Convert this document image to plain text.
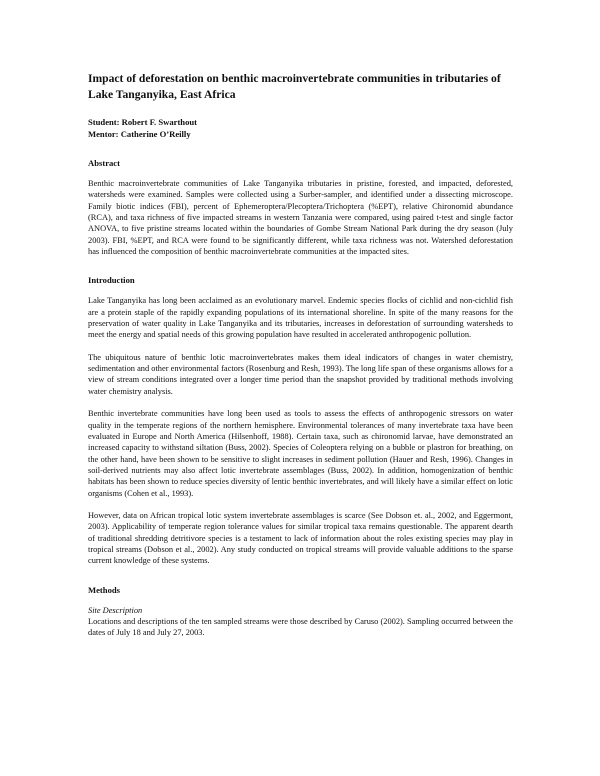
Impact of deforestation on benthic macroinvertebrate communities in tributaries of Lake Tanganyika, East Africa

Student: Robert F. Swarthout

Mentor: Catherine O’Reilly

Abstract

Benthic macroinvertebrate communities of Lake Tanganyika tributaries in pristine, forested, and impacted, deforested, watersheds were examined. Samples were collected using a Surber-sampler, and identified under a dissecting microscope. Family biotic indices (FBI), percent of Ephemeroptera/Plecoptera/Trichoptera (%EPT), relative Chironomid abundance (RCA), and taxa richness of five impacted streams in western Tanzania were compared, using paired t-test and single factor ANOVA, to five pristine streams located within the boundaries of Gombe Stream National Park during the dry season (July 2003). FBI, %EPT, and RCA were found to be significantly different, while taxa richness was not. Watershed deforestation has influenced the composition of benthic macroinvertebrate communities at the impacted sites.

Introduction

Lake Tanganyika has long been acclaimed as an evolutionary marvel. Endemic species flocks of cichlid and non-cichlid fish are a protein staple of the rapidly expanding populations of its international shoreline. In spite of the many reasons for the preservation of water quality in Lake Tanganyika and its tributaries, increases in deforestation of surrounding watersheds to meet the energy and spatial needs of this growing population have resulted in accelerated anthropogenic pollution.

The ubiquitous nature of benthic lotic macroinvertebrates makes them ideal indicators of changes in water chemistry, sedimentation and other environmental factors (Rosenburg and Resh, 1993). The long life span of these organisms allows for a view of stream conditions integrated over a longer time period than the snapshot provided by traditional methods involving water chemistry analysis.

Benthic invertebrate communities have long been used as tools to assess the effects of anthropogenic stressors on water quality in the temperate regions of the northern hemisphere. Environmental tolerances of many invertebrate taxa have been evaluated in Europe and North America (Hilsenhoff, 1988). Certain taxa, such as chironomid larvae, have demonstrated an increased capacity to withstand siltation (Buss, 2002). Species of Coleoptera relying on a bubble or plastron for breathing, on the other hand, have been shown to be sensitive to slight increases in sediment pollution (Hauer and Resh, 1996). Changes in soil-derived nutrients may also affect lotic invertebrate assemblages (Buss, 2002). In addition, homogenization of benthic habitats has been shown to reduce species diversity of lentic benthic invertebrates, and will likely have a similar effect on lotic organisms (Cohen et al., 1993).

However, data on African tropical lotic system invertebrate assemblages is scarce (See Dobson et. al., 2002, and Eggermont, 2003). Applicability of temperate region tolerance values for similar tropical taxa remains questionable. The apparent dearth of traditional shredding detritivore species is a testament to lack of information about the roles existing species may play in tropical streams (Dobson et al., 2002). Any study conducted on tropical streams will provide valuable additions to the sparse current knowledge of these systems.

Methods

Site Description

Locations and descriptions of the ten sampled streams were those described by Caruso (2002). Sampling occurred between the dates of July 18 and July 27, 2003.
